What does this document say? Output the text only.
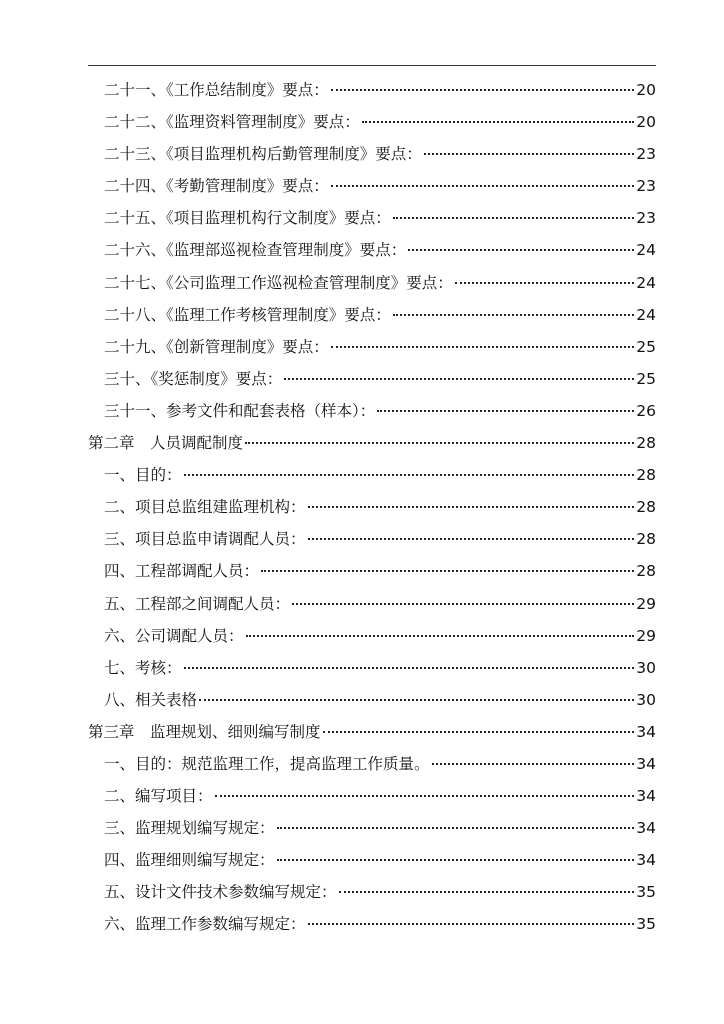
二十一、《工作总结制度》要点：	20
二十二、《监理资料管理制度》要点：	20
二十三、《项目监理机构后勤管理制度》要点：	23
二十四、《考勤管理制度》要点：	23
二十五、《项目监理机构行文制度》要点：	23
二十六、《监理部巡视检查管理制度》要点：	24
二十七、《公司监理工作巡视检查管理制度》要点：	24
二十八、《监理工作考核管理制度》要点：	24
二十九、《创新管理制度》要点：	25
三十、《奖惩制度》要点：	25
三十一、参考文件和配套表格（样本）：	26
第二章　人员调配制度	28
一、目的：	28
二、项目总监组建监理机构：	28
三、项目总监申请调配人员：	28
四、工程部调配人员：	28
五、工程部之间调配人员：	29
六、公司调配人员：	29
七、考核：	30
八、相关表格	30
第三章　监理规划、细则编写制度	34
一、目的：规范监理工作，提高监理工作质量。	34
二、编写项目：	34
三、监理规划编写规定：	34
四、监理细则编写规定：	34
五、设计文件技术参数编写规定：	35
六、监理工作参数编写规定：	35
